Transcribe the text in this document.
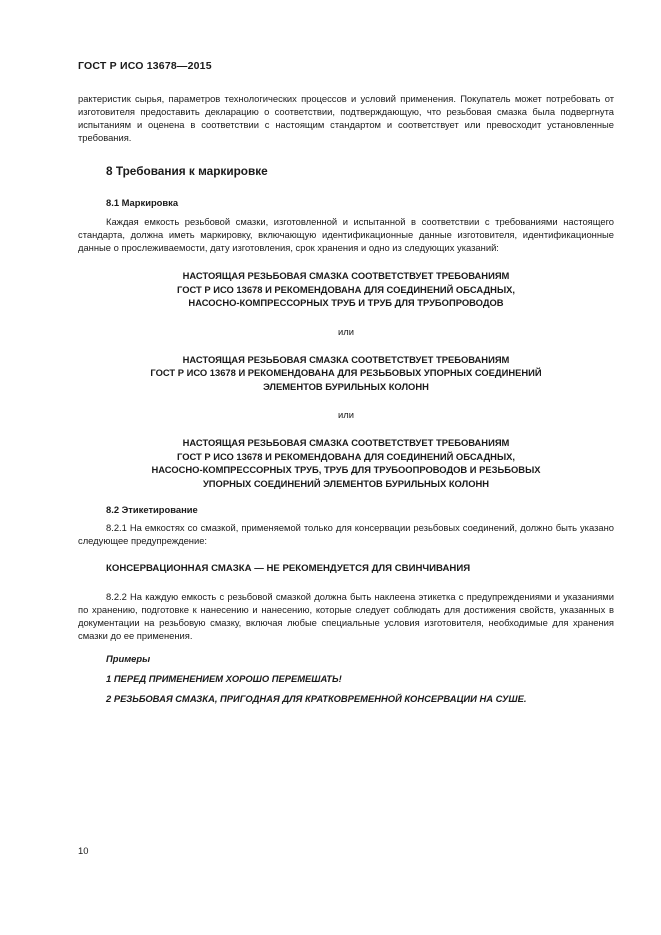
ГОСТ Р ИСО 13678—2015

рактеристик сырья, параметров технологических процессов и условий применения. Покупатель может потребовать от изготовителя предоставить декларацию о соответствии, подтверждающую, что резьбовая смазка была подвергнута испытаниям и оценена в соответствии с настоящим стандартом и соответствует или превосходит установленные требования.

8 Требования к маркировке
8.1 Маркировка

Каждая емкость резьбовой смазки, изготовленной и испытанной в соответствии с требованиями настоящего стандарта, должна иметь маркировку, включающую идентификационные данные изготовителя, идентификационные данные о прослеживаемости, дату изготовления, срок хранения и одно из следующих указаний:

НАСТОЯЩАЯ РЕЗЬБОВАЯ СМАЗКА СООТВЕТСТВУЕТ ТРЕБОВАНИЯМ
ГОСТ Р ИСО 13678 И РЕКОМЕНДОВАНА ДЛЯ СОЕДИНЕНИЙ ОБСАДНЫХ,
НАСОСНО-КОМПРЕССОРНЫХ ТРУБ И ТРУБ ДЛЯ ТРУБОПРОВОДОВ
или
НАСТОЯЩАЯ РЕЗЬБОВАЯ СМАЗКА СООТВЕТСТВУЕТ ТРЕБОВАНИЯМ
ГОСТ Р ИСО 13678 И РЕКОМЕНДОВАНА ДЛЯ РЕЗЬБОВЫХ УПОРНЫХ СОЕДИНЕНИЙ
ЭЛЕМЕНТОВ БУРИЛЬНЫХ КОЛОНН
или
НАСТОЯЩАЯ РЕЗЬБОВАЯ СМАЗКА СООТВЕТСТВУЕТ ТРЕБОВАНИЯМ
ГОСТ Р ИСО 13678 И РЕКОМЕНДОВАНА ДЛЯ СОЕДИНЕНИЙ ОБСАДНЫХ,
НАСОСНО-КОМПРЕССОРНЫХ ТРУБ, ТРУБ ДЛЯ ТРУБООПРОВОДОВ И РЕЗЬБОВЫХ
УПОРНЫХ СОЕДИНЕНИЙ ЭЛЕМЕНТОВ БУРИЛЬНЫХ КОЛОНН
8.2 Этикетирование

8.2.1 На емкостях со смазкой, применяемой только для консервации резьбовых соединений, должно быть указано следующее предупреждение:

КОНСЕРВАЦИОННАЯ СМАЗКА — НЕ РЕКОМЕНДУЕТСЯ ДЛЯ СВИНЧИВАНИЯ

8.2.2 На каждую емкость с резьбовой смазкой должна быть наклеена этикетка с предупреждениями и указаниями по хранению, подготовке к нанесению и нанесению, которые следует соблюдать для достижения свойств, указанных в документации на резьбовую смазку, включая любые специальные условия изготовителя, необходимые для хранения смазки до ее применения.

Примеры
1 ПЕРЕД ПРИМЕНЕНИЕМ ХОРОШО ПЕРЕМЕШАТЬ!
2 РЕЗЬБОВАЯ СМАЗКА, ПРИГОДНАЯ ДЛЯ КРАТКОВРЕМЕННОЙ КОНСЕРВАЦИИ НА СУШЕ.
10
